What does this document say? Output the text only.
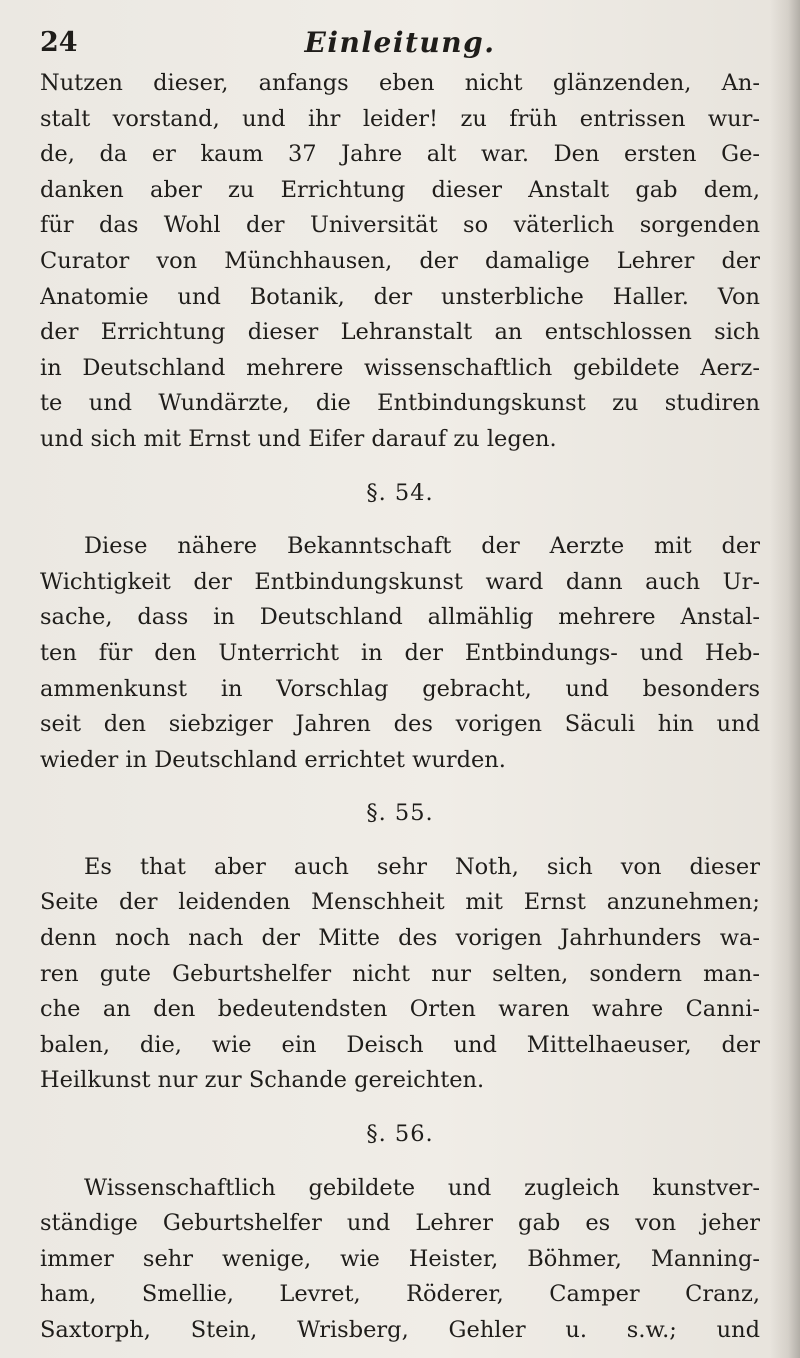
24	Einleitung.
Nutzen dieser, anfangs eben nicht glänzenden, An-
stalt vorstand, und ihr leider! zu früh entrissen wur-
de, da er kaum 37 Jahre alt war. Den ersten Ge-
danken aber zu Errichtung dieser Anstalt gab dem,
für das Wohl der Universität so väterlich sorgenden
Curator von Münchhausen, der damalige Lehrer der
Anatomie und Botanik, der unsterbliche Haller. Von
der Errichtung dieser Lehranstalt an entschlossen sich
in Deutschland mehrere wissenschaftlich gebildete Aerz-
te und Wundärzte, die Entbindungskunst zu studiren
und sich mit Ernst und Eifer darauf zu legen.
§. 54.
Diese nähere Bekanntschaft der Aerzte mit der
Wichtigkeit der Entbindungskunst ward dann auch Ur-
sache, dass in Deutschland allmählig mehrere Anstal-
ten für den Unterricht in der Entbindungs- und Heb-
ammenkunst in Vorschlag gebracht, und besonders
seit den siebziger Jahren des vorigen Säculi hin und
wieder in Deutschland errichtet wurden.
§. 55.
Es that aber auch sehr Noth, sich von dieser
Seite der leidenden Menschheit mit Ernst anzunehmen;
denn noch nach der Mitte des vorigen Jahrhunders wa-
ren gute Geburtshelfer nicht nur selten, sondern man-
che an den bedeutendsten Orten waren wahre Canni-
balen, die, wie ein Deisch und Mittelhaeuser, der
Heilkunst nur zur Schande gereichten.
§. 56.
Wissenschaftlich gebildete und zugleich kunstver-
ständige Geburtshelfer und Lehrer gab es von jeher
immer sehr wenige, wie Heister, Böhmer, Manning-
ham, Smellie, Levret, Röderer, Camper Cranz,
Saxtorph, Stein, Wrisberg, Gehler u. s.w.; und
